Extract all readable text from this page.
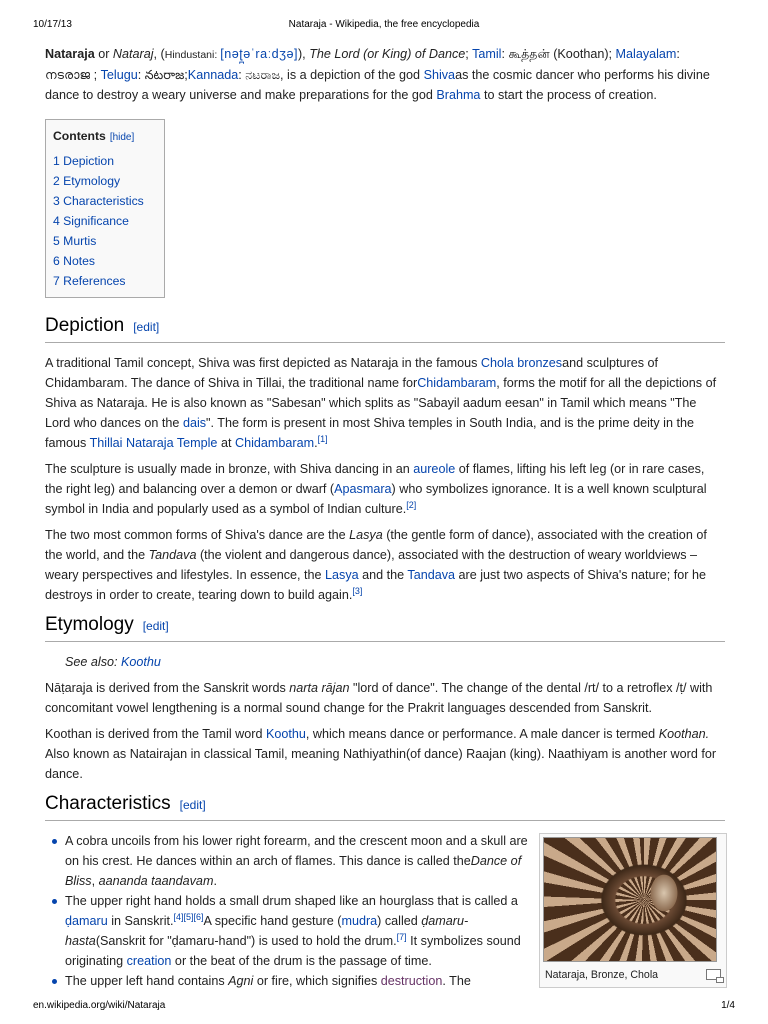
10/17/13	Nataraja - Wikipedia, the free encyclopedia

Nataraja or Nataraj, (Hindustani: [nəʈ̪əˈraːdʒə]), The Lord (or King) of Dance; Tamil: கூத்தன் (Koothan); Malayalam: നടരാജ ; Telugu: నటరాజ;Kannada: ನಟರಾಜ, is a depiction of the god Shivaas the cosmic dancer who performs his divine dance to destroy a weary universe and make preparations for the god Brahma to start the process of creation.

Contents [hide]
1 Depiction
2 Etymology
3 Characteristics
4 Significance
5 Murtis
6 Notes
7 References
Depiction [edit]

A traditional Tamil concept, Shiva was first depicted as Nataraja in the famous Chola bronzesand sculptures of Chidambaram. The dance of Shiva in Tillai, the traditional name forChidambaram, forms the motif for all the depictions of Shiva as Nataraja. He is also known as "Sabesan" which splits as "Sabayil aadum eesan" in Tamil which means "The Lord who dances on the dais". The form is present in most Shiva temples in South India, and is the prime deity in the famous Thillai Nataraja Temple at Chidambaram.[1]

The sculpture is usually made in bronze, with Shiva dancing in an aureole of flames, lifting his left leg (or in rare cases, the right leg) and balancing over a demon or dwarf (Apasmara) who symbolizes ignorance. It is a well known sculptural symbol in India and popularly used as a symbol of Indian culture.[2]

The two most common forms of Shiva's dance are the Lasya (the gentle form of dance), associated with the creation of the world, and the Tandava (the violent and dangerous dance), associated with the destruction of weary worldviews – weary perspectives and lifestyles. In essence, the Lasya and the Tandava are just two aspects of Shiva's nature; for he destroys in order to create, tearing down to build again.[3]

Etymology [edit]
See also: Koothu

Nāṭaraja is derived from the Sanskrit words narta rājan "lord of dance". The change of the dental /rt/ to a retroflex /ṭ/ with concomitant vowel lengthening is a normal sound change for the Prakrit languages descended from Sanskrit.

Koothan is derived from the Tamil word Koothu, which means dance or performance. A male dancer is termed Koothan. Also known as Natairajan in classical Tamil, meaning Nathiyathin(of dance) Raajan (king). Naathiyam is another word for dance.

Characteristics [edit]
A cobra uncoils from his lower right forearm, and the crescent moon and a skull are on his crest. He dances within an arch of flames. This dance is called theDance of Bliss, aananda taandavam.
The upper right hand holds a small drum shaped like an hourglass that is called a ḍamaru in Sanskrit.[4][5][6]A specific hand gesture (mudra) called ḍamaru-hasta(Sanskrit for "ḍamaru-hand") is used to hold the drum.[7] It symbolizes sound originating creation or the beat of the drum is the passage of time.
The upper left hand contains Agni or fire, which signifies destruction. The	Nataraja, Bronze, Chola
en.wikipedia.org/wiki/Nataraja	1/4
